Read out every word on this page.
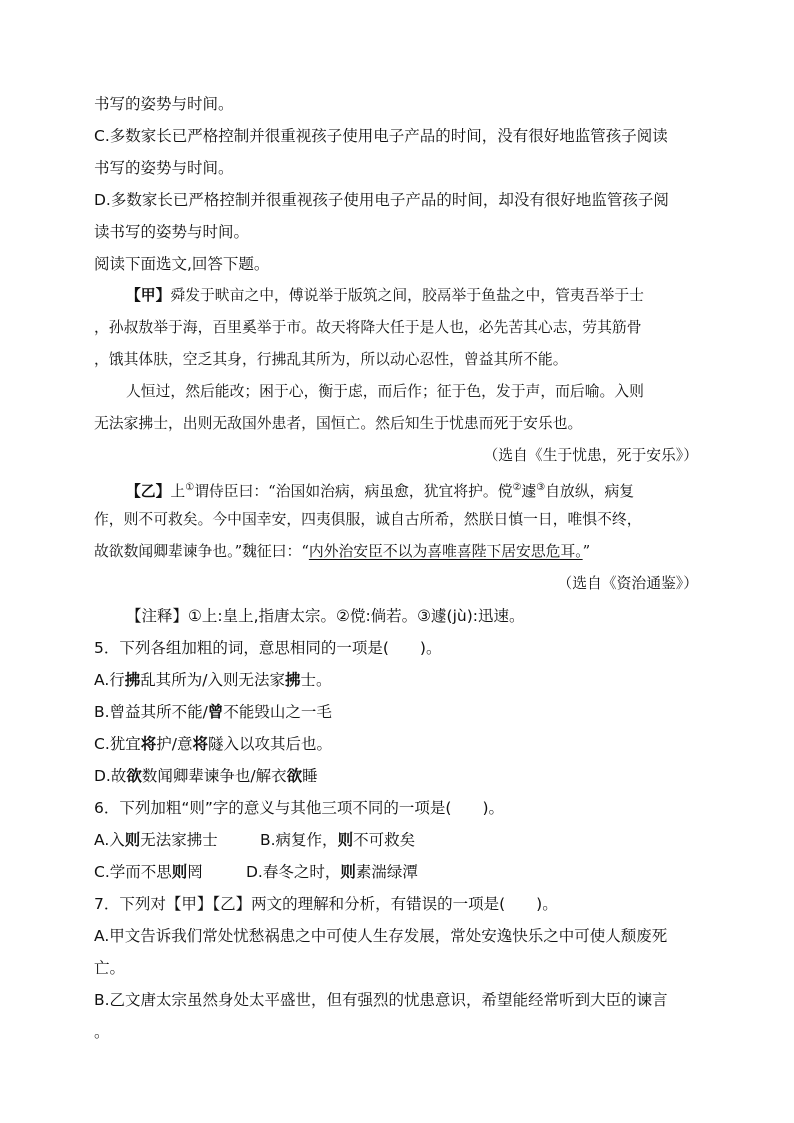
书写的姿势与时间。
C.多数家长已严格控制并很重视孩子使用电子产品的时间，没有很好地监管孩子阅读
书写的姿势与时间。
D.多数家长已严格控制并很重视孩子使用电子产品的时间，却没有很好地监管孩子阅
读书写的姿势与时间。
阅读下面选文,回答下题。
【甲】舜发于畎亩之中，傅说举于版筑之间，胶鬲举于鱼盐之中，管夷吾举于士
，孙叔敖举于海，百里奚举于市。故天将降大任于是人也，必先苦其心志，劳其筋骨
，饿其体肤，空乏其身，行拂乱其所为，所以动心忍性，曾益其所不能。
人恒过，然后能改；困于心，衡于虑，而后作；征于色，发于声，而后喻。入则
无法家拂士，出则无敌国外患者，国恒亡。然后知生于忧患而死于安乐也。
（选自《生于忧患，死于安乐》）
【乙】上①谓侍臣曰：“治国如治病，病虽愈，犹宜将护。傥②遽③自放纵，病复
作，则不可救矣。今中国幸安，四夷俱服，诚自古所希，然朕日慎一日，唯惧不终，
故欲数闻卿辈谏争也。”魏征曰：“内外治安臣不以为喜唯喜陛下居安思危耳。”
（选自《资治通鉴》）
【注释】①上:皇上,指唐太宗。②傥:倘若。③遽(jù):迅速。
5．下列各组加粗的词，意思相同的一项是(　　)。
A.行拂乱其所为/入则无法家拂士。
B.曾益其所不能/曾不能毁山之一毛
C.犹宜将护/意将隧入以攻其后也。
D.故欲数闻卿辈谏争也/解衣欲睡
6．下列加粗“则”字的意义与其他三项不同的一项是(　　)。
A.入则无法家拂士	B.病复作，则不可救矣
C.学而不思则罔	D.春冬之时，则素湍绿潭
7．下列对【甲】【乙】两文的理解和分析，有错误的一项是(　　)。
A.甲文告诉我们常处忧愁祸患之中可使人生存发展，常处安逸快乐之中可使人颓废死
亡。
B.乙文唐太宗虽然身处太平盛世，但有强烈的忧患意识，希望能经常听到大臣的谏言
。
